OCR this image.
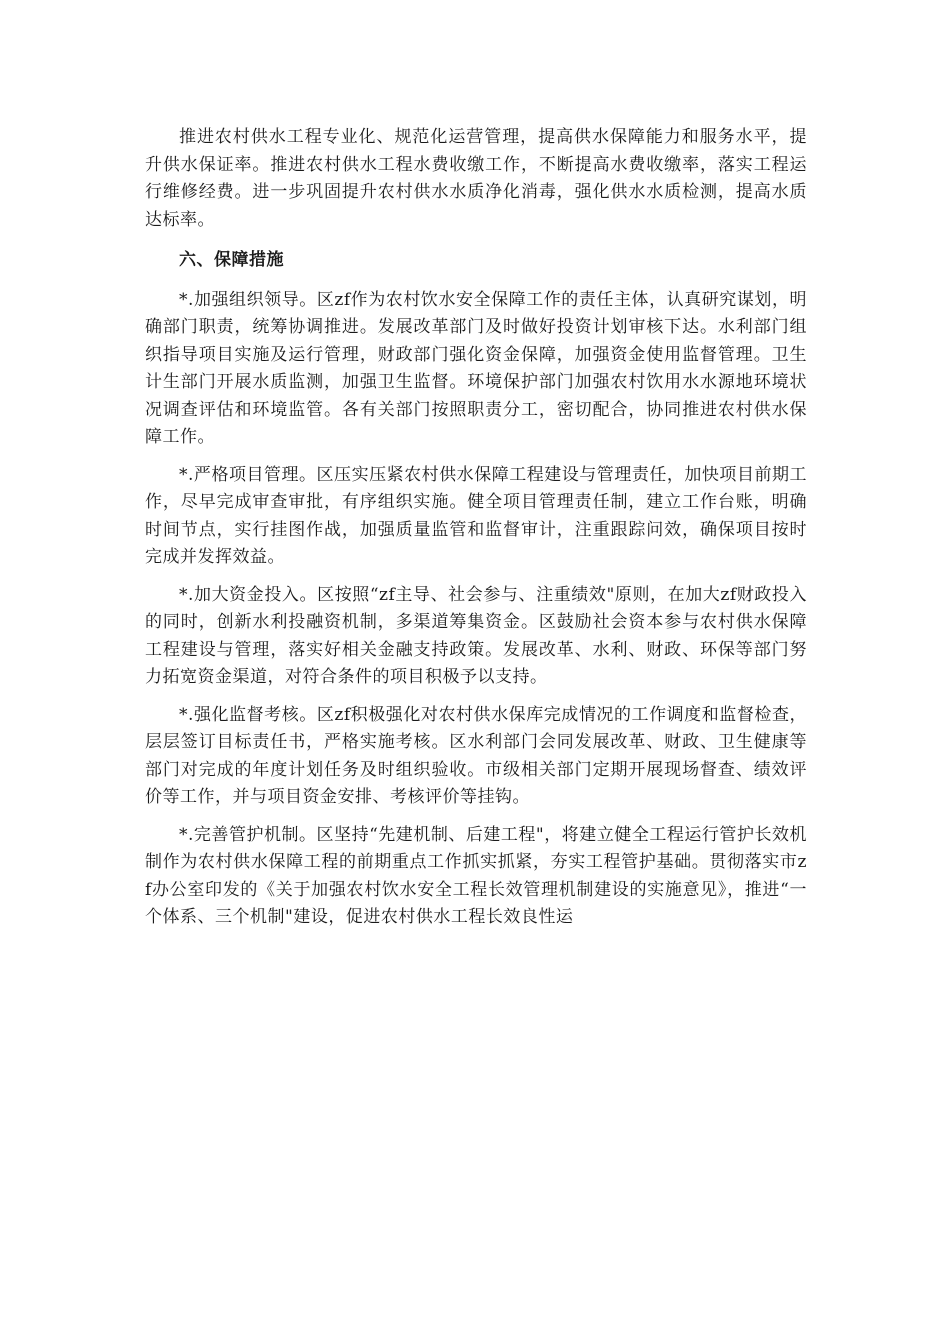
推进农村供水工程专业化、规范化运营管理，提高供水保障能力和服务水平，提升供水保证率。推进农村供水工程水费收缴工作，不断提高水费收缴率，落实工程运行维修经费。进一步巩固提升农村供水水质净化消毒，强化供水水质检测，提高水质达标率。

六、保障措施

*.加强组织领导。区zf作为农村饮水安全保障工作的责任主体，认真研究谋划，明确部门职责，统筹协调推进。发展改革部门及时做好投资计划审核下达。水利部门组织指导项目实施及运行管理，财政部门强化资金保障，加强资金使用监督管理。卫生计生部门开展水质监测，加强卫生监督。环境保护部门加强农村饮用水水源地环境状况调查评估和环境监管。各有关部门按照职责分工，密切配合，协同推进农村供水保障工作。

*.严格项目管理。区压实压紧农村供水保障工程建设与管理责任，加快项目前期工作，尽早完成审查审批，有序组织实施。健全项目管理责任制，建立工作台账，明确时间节点，实行挂图作战，加强质量监管和监督审计，注重跟踪问效，确保项目按时完成并发挥效益。

*.加大资金投入。区按照“zf主导、社会参与、注重绩效"原则，在加大zf财政投入的同时，创新水利投融资机制，多渠道筹集资金。区鼓励社会资本参与农村供水保障工程建设与管理，落实好相关金融支持政策。发展改革、水利、财政、环保等部门努力拓宽资金渠道，对符合条件的项目积极予以支持。

*.强化监督考核。区zf积极强化对农村供水保库完成情况的工作调度和监督检查，层层签订目标责任书，严格实施考核。区水利部门会同发展改革、财政、卫生健康等部门对完成的年度计划任务及时组织验收。市级相关部门定期开展现场督查、绩效评价等工作，并与项目资金安排、考核评价等挂钩。

*.完善管护机制。区坚持“先建机制、后建工程"，将建立健全工程运行管护长效机制作为农村供水保障工程的前期重点工作抓实抓紧，夯实工程管护基础。贯彻落实市zf办公室印发的《关于加强农村饮水安全工程长效管理机制建设的实施意见》，推进“一个体系、三个机制"建设，促进农村供水工程长效良性运
